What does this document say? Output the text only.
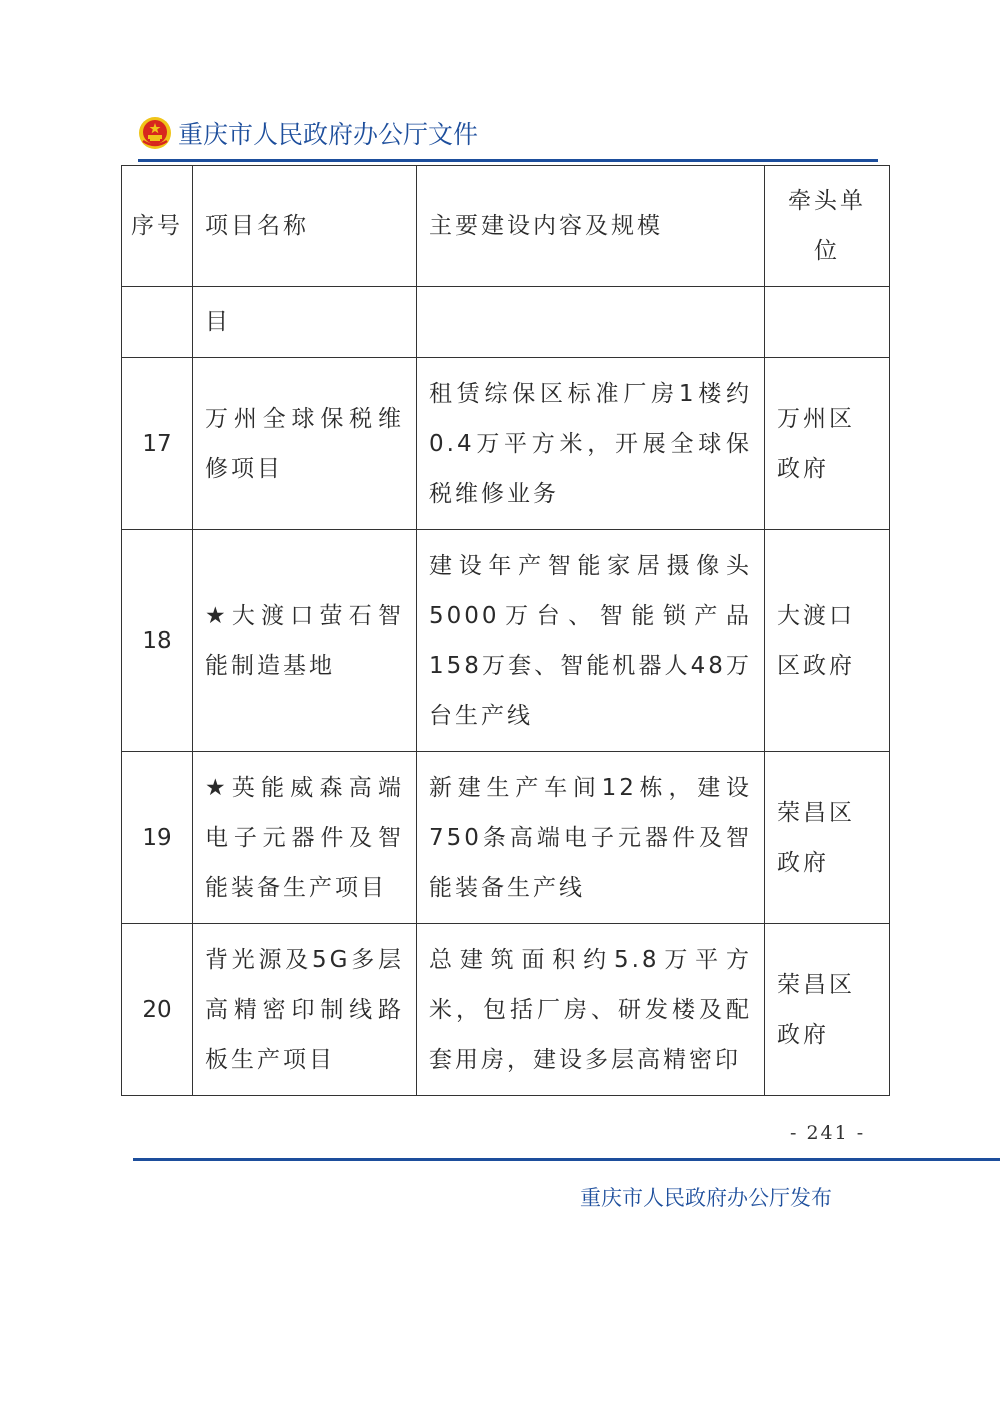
重庆市人民政府办公厅文件
序号	项目名称	主要建设内容及规模	牵头单位

	目		
17	万州全球保税维修项目	租赁综保区标准厂房1楼约0.4万平方米，开展全球保税维修业务	万州区政府
18	★大渡口萤石智能制造基地	建设年产智能家居摄像头5000万台、智能锁产品158万套、智能机器人48万台生产线	大渡口区政府
19	★英能威森高端电子元器件及智能装备生产项目	新建生产车间12栋，建设750条高端电子元器件及智能装备生产线	荣昌区政府
20	背光源及5G多层高精密印制线路板生产项目	总建筑面积约5.8万平方米，包括厂房、研发楼及配套用房，建设多层高精密印	荣昌区政府
- 241 -
重庆市人民政府办公厅发布
